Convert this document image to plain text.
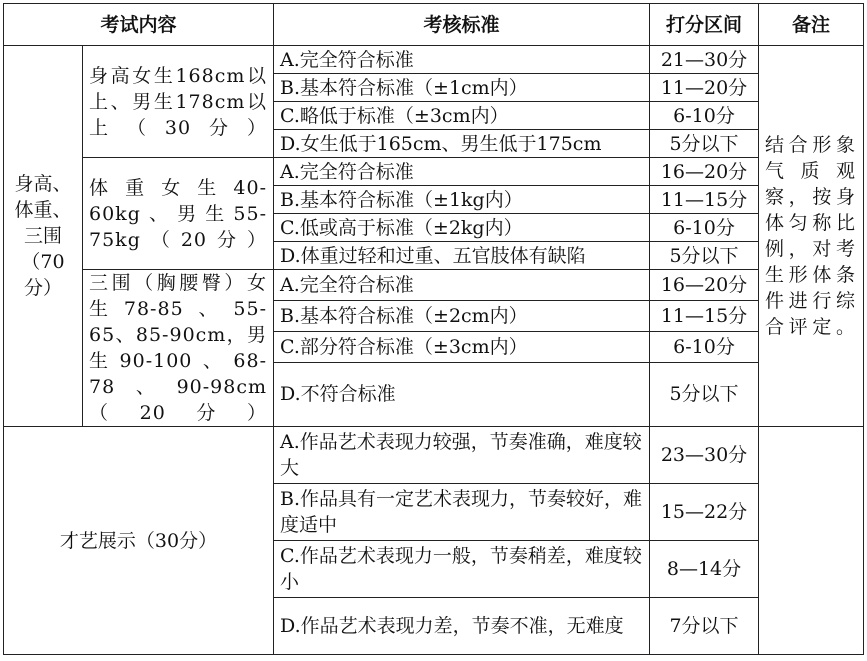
考试内容		考核标准	打分区间	备注
身高、体重、三围（70分）	身高女生168cm以上、男生178cm以上（30分）	A.完全符合标准	21—30分	结合形象气质观察，按身体匀称比例，对考生形体条件进行综合评定。
		B.基本符合标准（±1cm内）	11—20分	
		C.略低于标准（±3cm内）	6-10分	
		D.女生低于165cm、男生低于175cm	5分以下	
	体重女生40-60kg、男生55-75kg（20分）	A.完全符合标准	16—20分	
		B.基本符合标准（±1kg内）	11—15分	
		C.低或高于标准（±2kg内）	6-10分	
		D.体重过轻和过重、五官肢体有缺陷	5分以下	
	三围（胸腰臀）女生78-85、55-65、85-90cm，男生90-100、68-78、90-98cm（20分）	A.完全符合标准	16—20分	
		B.基本符合标准（±2cm内）	11—15分	
		C.部分符合标准（±3cm内）	6-10分	
		D.不符合标准	5分以下	
才艺展示（30分）		A.作品艺术表现力较强，节奏准确，难度较大	23—30分	
		B.作品具有一定艺术表现力，节奏较好，难度适中	15—22分	
		C.作品艺术表现力一般，节奏稍差，难度较小	8—14分	
		D.作品艺术表现力差，节奏不准，无难度	7分以下	
